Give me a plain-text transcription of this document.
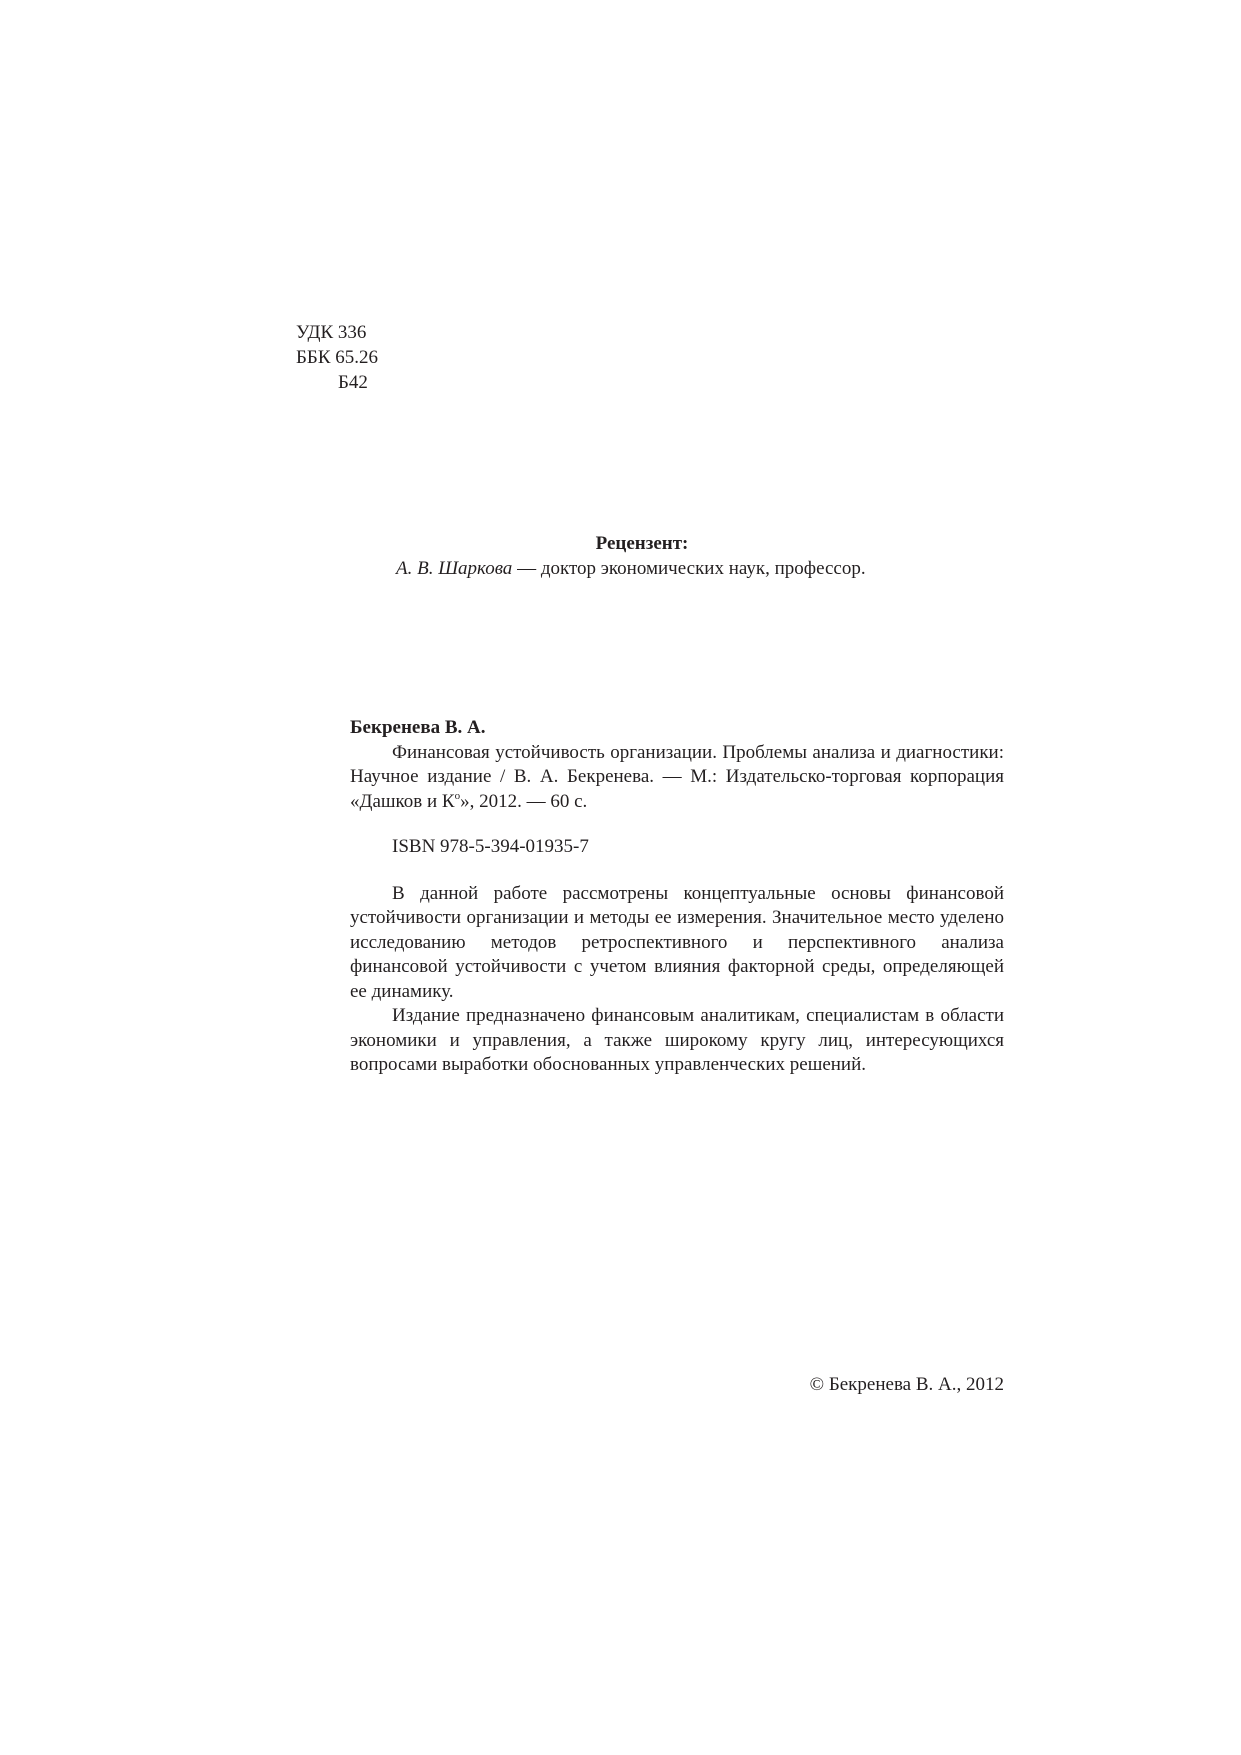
УДК 336
ББК 65.26
Б42
Рецензент:
А. В. Шаркова — доктор экономических наук, профессор.
Бекренева В. А.

Финансовая устойчивость организации. Проблемы анализа и диагностики: Научное издание / В. А. Бекренева. — М.: Издательско-торговая корпорация «Дашков и $К^о$», 2012. — 60 с.

ISBN 978-5-394-01935-7

В данной работе рассмотрены концептуальные основы финансовой устойчивости организации и методы ее измерения. Значительное место уделено исследованию методов ретроспективного и перспективного анализа финансовой устойчивости с учетом влияния факторной среды, определяющей ее динамику.

Издание предназначено финансовым аналитикам, специалистам в области экономики и управления, а также широкому кругу лиц, интересующихся вопросами выработки обоснованных управленческих решений.

© Бекренева В. А., 2012
